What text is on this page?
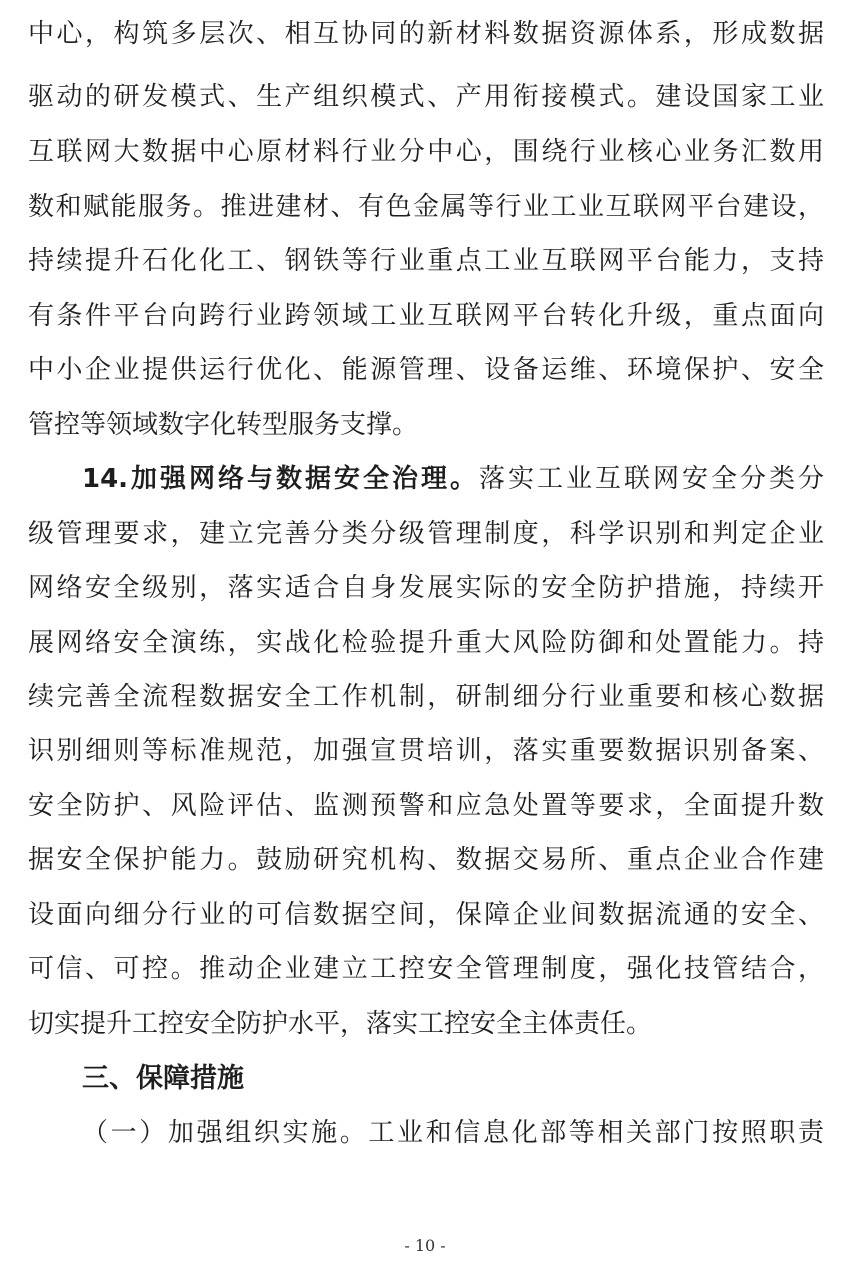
中心，构筑多层次、相互协同的新材料数据资源体系，形成数据
驱动的研发模式、生产组织模式、产用衔接模式。建设国家工业
互联网大数据中心原材料行业分中心，围绕行业核心业务汇数用
数和赋能服务。推进建材、有色金属等行业工业互联网平台建设，
持续提升石化化工、钢铁等行业重点工业互联网平台能力，支持
有条件平台向跨行业跨领域工业互联网平台转化升级，重点面向
中小企业提供运行优化、能源管理、设备运维、环境保护、安全
管控等领域数字化转型服务支撑。
14.加强网络与数据安全治理。落实工业互联网安全分类分
级管理要求，建立完善分类分级管理制度，科学识别和判定企业
网络安全级别，落实适合自身发展实际的安全防护措施，持续开
展网络安全演练，实战化检验提升重大风险防御和处置能力。持
续完善全流程数据安全工作机制，研制细分行业重要和核心数据
识别细则等标准规范，加强宣贯培训，落实重要数据识别备案、
安全防护、风险评估、监测预警和应急处置等要求，全面提升数
据安全保护能力。鼓励研究机构、数据交易所、重点企业合作建
设面向细分行业的可信数据空间，保障企业间数据流通的安全、
可信、可控。推动企业建立工控安全管理制度，强化技管结合，
切实提升工控安全防护水平，落实工控安全主体责任。
三、保障措施
（一）加强组织实施。工业和信息化部等相关部门按照职责
- 10 -
